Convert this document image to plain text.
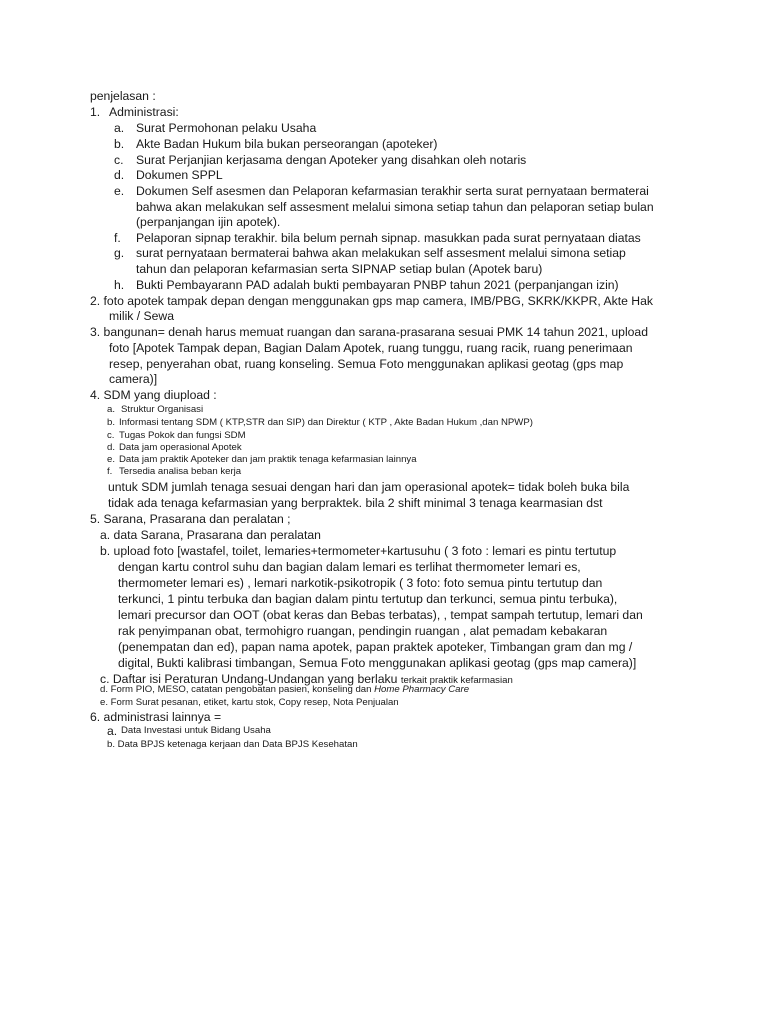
penjelasan :
1. Administrasi:
a. Surat Permohonan pelaku Usaha
b. Akte Badan Hukum bila bukan perseorangan (apoteker)
c. Surat Perjanjian kerjasama dengan Apoteker yang disahkan oleh notaris
d. Dokumen SPPL
e. Dokumen Self asesmen dan Pelaporan kefarmasian terakhir serta surat pernyataan bermaterai
bahwa akan melakukan self assesment melalui simona setiap tahun dan pelaporan setiap bulan
(perpanjangan ijin apotek).
f. Pelaporan sipnap terakhir. bila belum pernah sipnap. masukkan pada surat pernyataan diatas
g. surat pernyataan bermaterai bahwa akan melakukan self assesment melalui simona setiap
tahun dan pelaporan kefarmasian serta SIPNAP setiap bulan (Apotek baru)
h. Bukti Pembayarann PAD adalah bukti pembayaran PNBP tahun 2021 (perpanjangan izin)
2. foto apotek tampak depan dengan menggunakan gps map camera, IMB/PBG, SKRK/KKPR, Akte Hak
milik / Sewa
3. bangunan= denah harus memuat ruangan dan sarana-prasarana sesuai PMK 14 tahun 2021, upload
foto [Apotek Tampak depan, Bagian Dalam Apotek, ruang tunggu, ruang racik, ruang penerimaan
resep, penyerahan obat, ruang konseling. Semua Foto menggunakan aplikasi geotag (gps map
camera)]
4. SDM yang diupload :
a. Struktur Organisasi
b. Informasi tentang SDM ( KTP,STR dan SIP) dan Direktur ( KTP , Akte Badan Hukum ,dan NPWP)
c. Tugas Pokok dan fungsi SDM
d. Data jam operasional Apotek
e. Data jam praktik Apoteker dan jam praktik tenaga kefarmasian lainnya
f. Tersedia analisa beban kerja
untuk SDM jumlah tenaga sesuai dengan hari dan jam operasional apotek= tidak boleh buka bila
tidak ada tenaga kefarmasian yang berpraktek. bila 2 shift minimal 3 tenaga kearmasian dst
5. Sarana, Prasarana dan peralatan ;
a. data Sarana, Prasarana dan peralatan
b. upload foto [wastafel, toilet, lemaries+termometer+kartusuhu ( 3 foto : lemari es pintu tertutup
dengan kartu control suhu dan bagian dalam lemari es terlihat thermometer lemari es,
thermometer lemari es) , lemari narkotik-psikotropik ( 3 foto: foto semua pintu tertutup dan
terkunci, 1 pintu terbuka dan bagian dalam pintu tertutup dan terkunci, semua pintu terbuka),
lemari precursor dan OOT (obat keras dan Bebas terbatas), , tempat sampah tertutup, lemari dan
rak penyimpanan obat, termohigro ruangan, pendingin ruangan , alat pemadam kebakaran
(penempatan dan ed), papan nama apotek, papan praktek apoteker, Timbangan gram dan mg /
digital, Bukti kalibrasi timbangan, Semua Foto menggunakan aplikasi geotag (gps map camera)]
c. Daftar isi Peraturan Undang-Undangan yang berlaku terkait praktik kefarmasian
d. Form PIO, MESO, catatan pengobatan pasien, konseling dan Home Pharmacy Care
e. Form Surat pesanan, etiket, kartu stok, Copy resep, Nota Penjualan
6. administrasi lainnya =
a. Data Investasi untuk Bidang Usaha
b. Data BPJS ketenaga kerjaan dan Data BPJS Kesehatan
